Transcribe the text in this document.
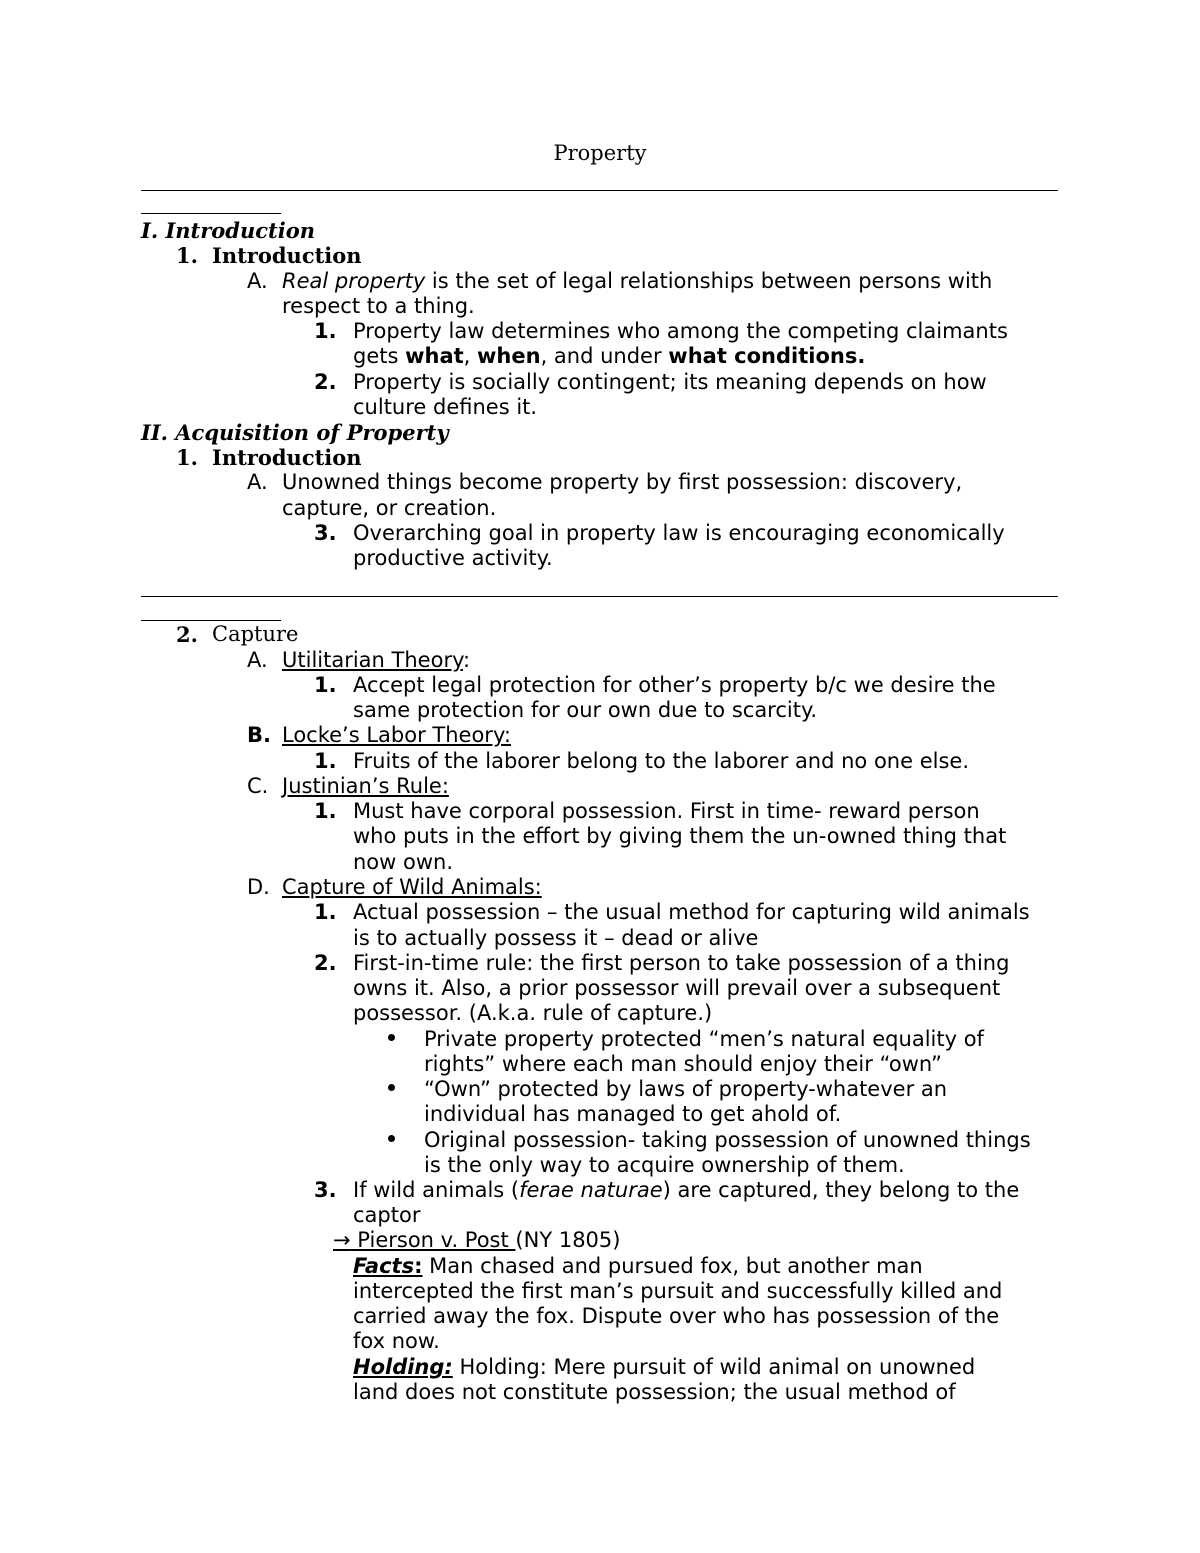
Property
I. Introduction
1. Introduction
A. Real property is the set of legal relationships between persons with
respect to a thing.
1. Property law determines who among the competing claimants
gets what, when, and under what conditions.
2. Property is socially contingent; its meaning depends on how
culture defines it.
II. Acquisition of Property
1. Introduction
A. Unowned things become property by first possession: discovery,
capture, or creation.
3. Overarching goal in property law is encouraging economically
productive activity.
2. Capture
A. Utilitarian Theory:
1. Accept legal protection for other’s property b/c we desire the
same protection for our own due to scarcity.
B. Locke’s Labor Theory:
1. Fruits of the laborer belong to the laborer and no one else.
C. Justinian’s Rule:
1. Must have corporal possession. First in time- reward person
who puts in the effort by giving them the un-owned thing that
now own.
D. Capture of Wild Animals:
1. Actual possession – the usual method for capturing wild animals
is to actually possess it – dead or alive
2. First-in-time rule: the first person to take possession of a thing
owns it. Also, a prior possessor will prevail over a subsequent
possessor. (A.k.a. rule of capture.)
Private property protected “men’s natural equality of
rights” where each man should enjoy their “own”
“Own” protected by laws of property-whatever an
individual has managed to get ahold of.
Original possession- taking possession of unowned things
is the only way to acquire ownership of them.
3. If wild animals (ferae naturae) are captured, they belong to the
captor
→ Pierson v. Post (NY 1805)
Facts: Man chased and pursued fox, but another man
intercepted the first man’s pursuit and successfully killed and
carried away the fox. Dispute over who has possession of the
fox now.
Holding: Holding: Mere pursuit of wild animal on unowned
land does not constitute possession; the usual method of
